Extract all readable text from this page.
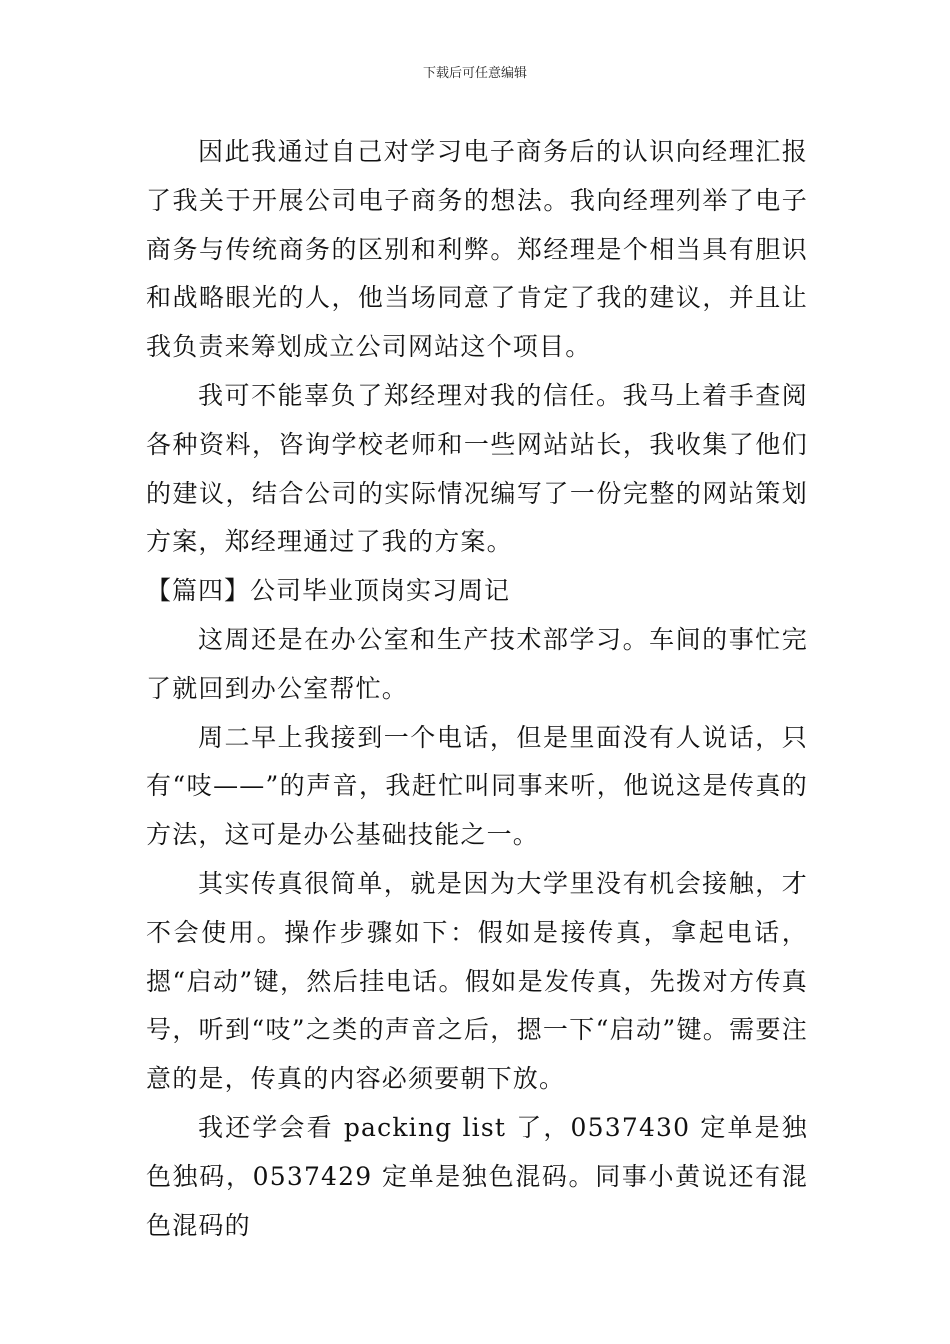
下载后可任意编辑

因此我通过自己对学习电子商务后的认识向经理汇报了我关于开展公司电子商务的想法。我向经理列举了电子商务与传统商务的区别和利弊。郑经理是个相当具有胆识和战略眼光的人，他当场同意了肯定了我的建议，并且让我负责来筹划成立公司网站这个项目。

我可不能辜负了郑经理对我的信任。我马上着手查阅各种资料，咨询学校老师和一些网站站长，我收集了他们的建议，结合公司的实际情况编写了一份完整的网站策划方案，郑经理通过了我的方案。

【篇四】公司毕业顶岗实习周记

这周还是在办公室和生产技术部学习。车间的事忙完了就回到办公室帮忙。

周二早上我接到一个电话，但是里面没有人说话，只有“吱——”的声音，我赶忙叫同事来听，他说这是传真的方法，这可是办公基础技能之一。

其实传真很简单，就是因为大学里没有机会接触，才不会使用。操作步骤如下：假如是接传真，拿起电话，摁“启动”键，然后挂电话。假如是发传真，先拨对方传真号，听到“吱”之类的声音之后，摁一下“启动”键。需要注意的是，传真的内容必须要朝下放。

我还学会看 packing list 了，0537430 定单是独色独码，0537429 定单是独色混码。同事小黄说还有混色混码的
